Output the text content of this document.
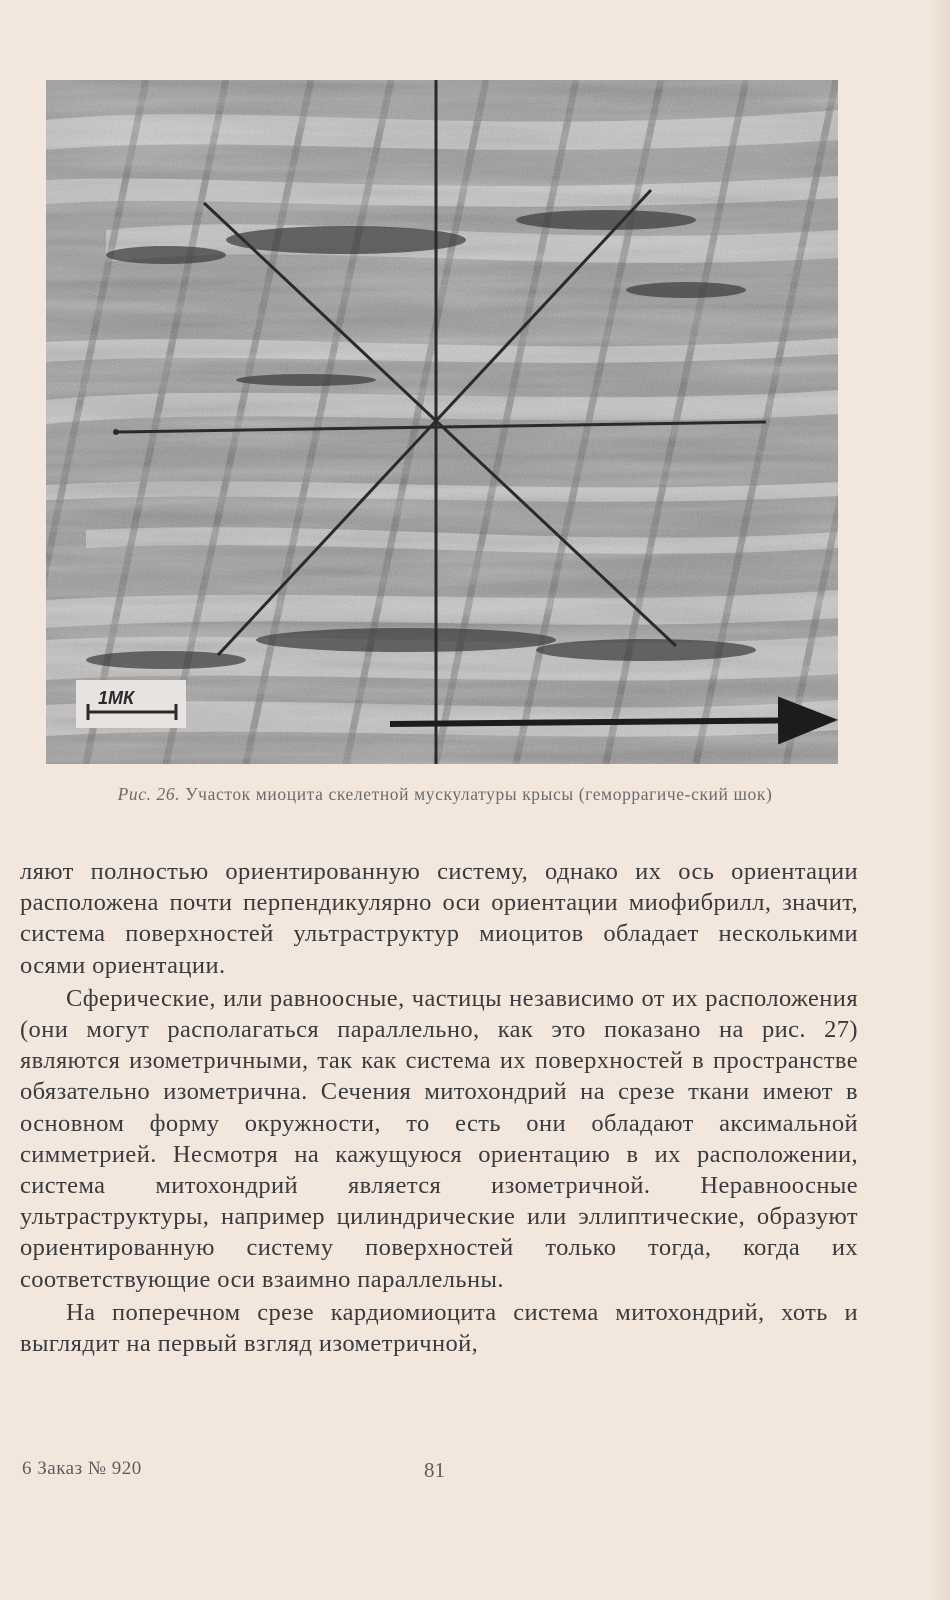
1МК
Рис. 26. Участок миоцита скелетной мускулатуры крысы (геморрагиче-ский шок)

ляют полностью ориентированную систему, однако их ось ориентации расположена почти перпендикулярно оси ориентации миофибрилл, значит, система поверхностей ультраструктур миоцитов обладает несколькими осями ориентации.

Сферические, или равноосные, частицы независимо от их расположения (они могут располагаться параллельно, как это показано на рис. 27) являются изометричными, так как система их поверхностей в пространстве обязательно изометрична. Сечения митохондрий на срезе ткани имеют в основном форму окружности, то есть они обладают аксимальной симметрией. Несмотря на кажущуюся ориентацию в их расположении, система митохондрий является изометричной. Неравноосные ультраструктуры, например цилиндрические или эллиптические, образуют ориентированную систему поверхностей только тогда, когда их соответствующие оси взаимно параллельны.

На поперечном срезе кардиомиоцита система митохондрий, хоть и выглядит на первый взгляд изометричной,

6 Заказ № 920	81
